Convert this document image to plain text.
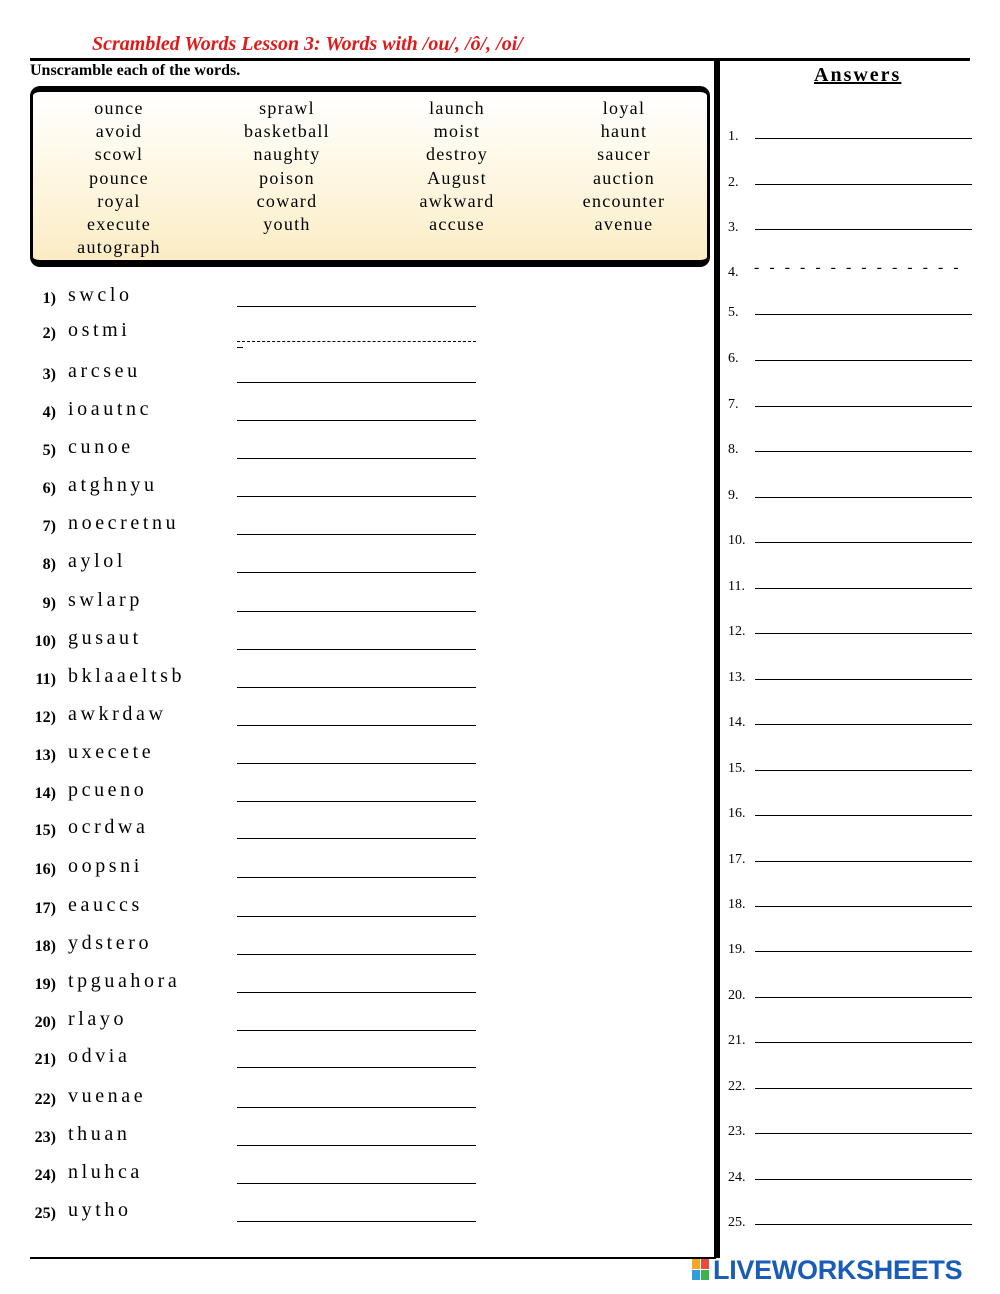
Scrambled Words Lesson 3: Words with /ou/, /ô/, /oi/
Unscramble each of the words.
ounce
avoid
scowl
pounce
royal
execute
autograph
sprawl
basketball
naughty
poison
coward
youth
launch
moist
destroy
August
awkward
accuse
loyal
haunt
saucer
auction
encounter
avenue
1) swclo
2) ostmi
3) arcseu
4) ioautnc
5) cunoe
6) atghnyu
7) noecretnu
8) aylol
9) swlarp
10) gusaut
11) bklaaeltsb
12) awkrdaw
13) uxecete
14) pcueno
15) ocrdwa
16) oopsni
17) eauccs
18) ydstero
19) tpguahora
20) rlayo
21) odvia
22) vuenae
23) thuan
24) nluhca
25) uytho
Answers
1.
2.
3.
4. - - - - - - - - - - - - - -
5.
6.
7.
8.
9.
10.
11.
12.
13.
14.
15.
16.
17.
18.
19.
20.
21.
22.
23.
24.
25.
LIVEWORKSHEETS
